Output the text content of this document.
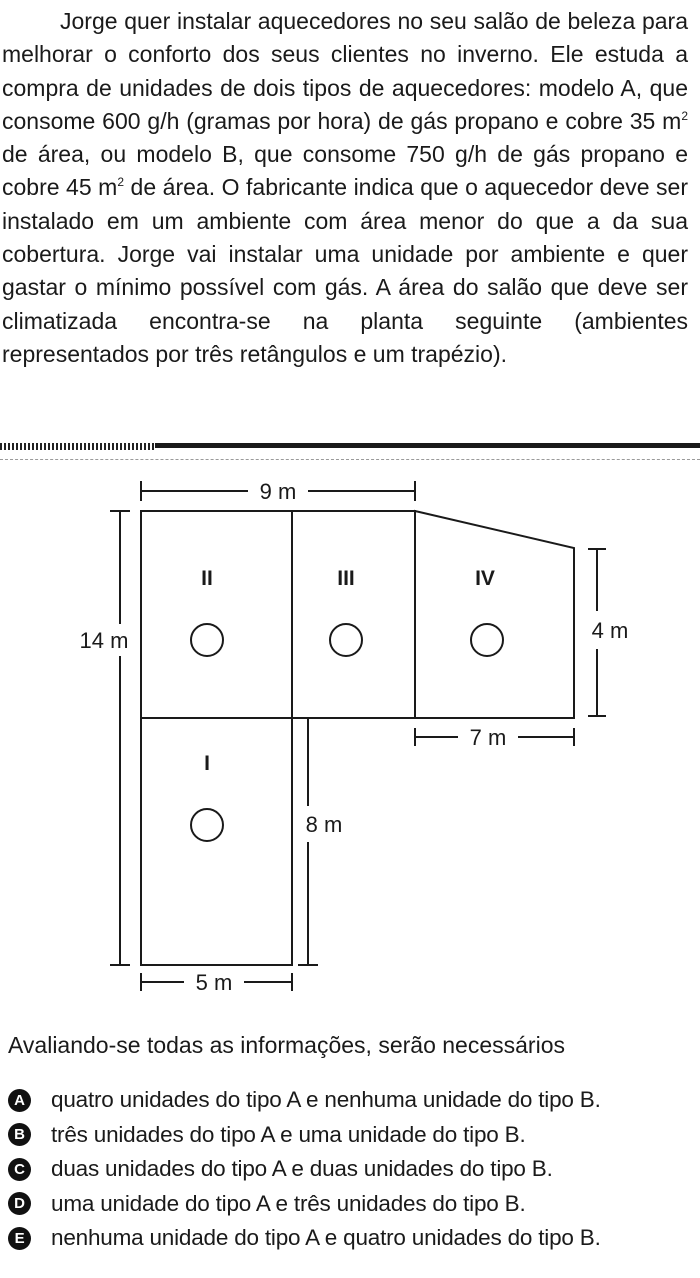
Jorge quer instalar aquecedores no seu salão de beleza para melhorar o conforto dos seus clientes no inverno. Ele estuda a compra de unidades de dois tipos de aquecedores: modelo A, que consome 600 g/h (gramas por hora) de gás propano e cobre 35 $m^2$ de área, ou modelo B, que consome 750 g/h de gás propano e cobre 45 $m^2$ de área. O fabricante indica que o aquecedor deve ser instalado em um ambiente com área menor do que a da sua cobertura. Jorge vai instalar uma unidade por ambiente e quer gastar o mínimo possível com gás. A área do salão que deve ser climatizada encontra-se na planta seguinte (ambientes representados por três retângulos e um trapézio).

II	III	IV
I
9 m
14 m	4 m
7 m
8 m
5 m

Avaliando-se todas as informações, serão necessários

A quatro unidades do tipo A e nenhuma unidade do tipo B.
B três unidades do tipo A e uma unidade do tipo B.
C duas unidades do tipo A e duas unidades do tipo B.
D uma unidade do tipo A e três unidades do tipo B.
E nenhuma unidade do tipo A e quatro unidades do tipo B.
